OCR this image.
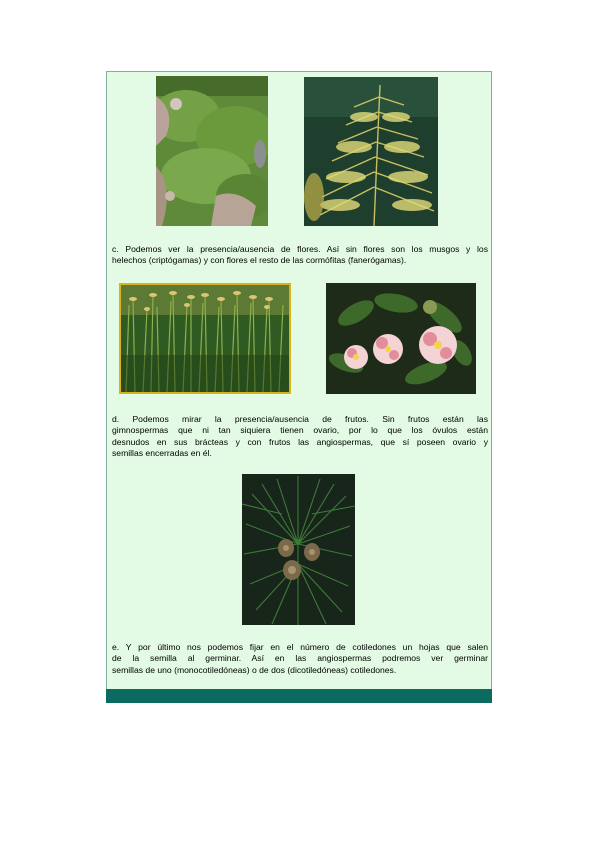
c. Podemos ver la presencia/ausencia de flores. Así sin flores son los musgos y los
helechos (criptógamas) y con flores el resto de las cormófitas (fanerógamas).

d. Podemos mirar la presencia/ausencia de frutos. Sin frutos están las
gimnospermas que ni tan siquiera tienen ovario, por lo que los óvulos están
desnudos en sus brácteas y con frutos las angiospermas, que sí poseen ovario y
semillas encerradas en él.

e. Y por último nos podemos fijar en el número de cotiledones un hojas que salen
de la semilla al germinar. Así en las angiospermas podremos ver germinar
semillas de uno (monocotiledóneas) o de dos (dicotiledóneas) cotiledones.
